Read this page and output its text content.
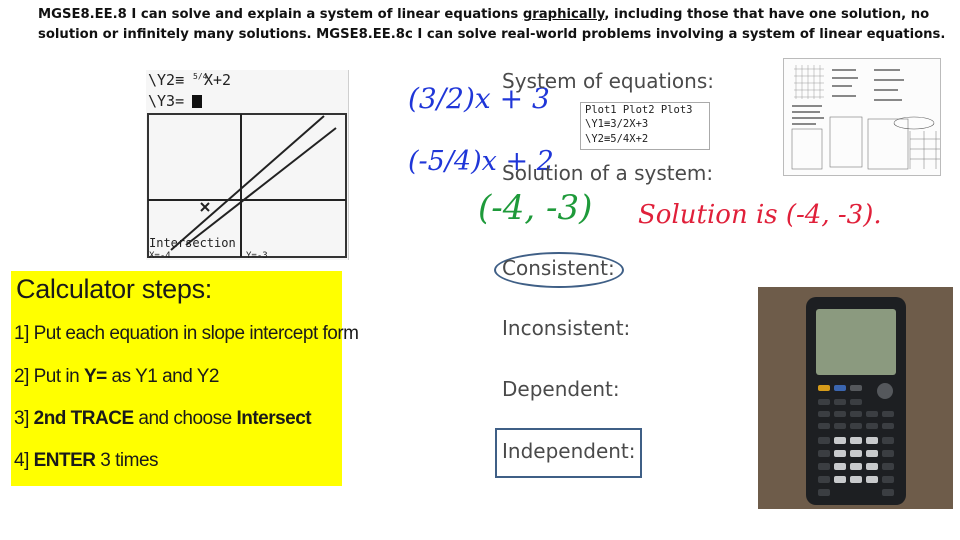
MGSE8.EE.8 I can solve and explain a system of linear equations graphically, including those that have one solution, no solution or infinitely many solutions. MGSE8.EE.8c I can solve real-world problems involving a system of linear equations.
\Y2≡ X+2
5/4
\Y3=
Intersection
X=-4	Y=-3
Calculator steps:
1] Put each equation in slope intercept form
2] Put in Y= as Y1 and Y2
3] 2nd TRACE and choose Intersect
4] ENTER 3 times
(3/2)x + 3
(-5/4)x + 2
(-4, -3) Solution is (-4, -3).
System of equations:
Solution of a system:
Consistent:
Inconsistent:
Dependent:
Independent:
Plot1 Plot2 Plot3
\Y1≡3/2X+3
\Y2≡5/4X+2
